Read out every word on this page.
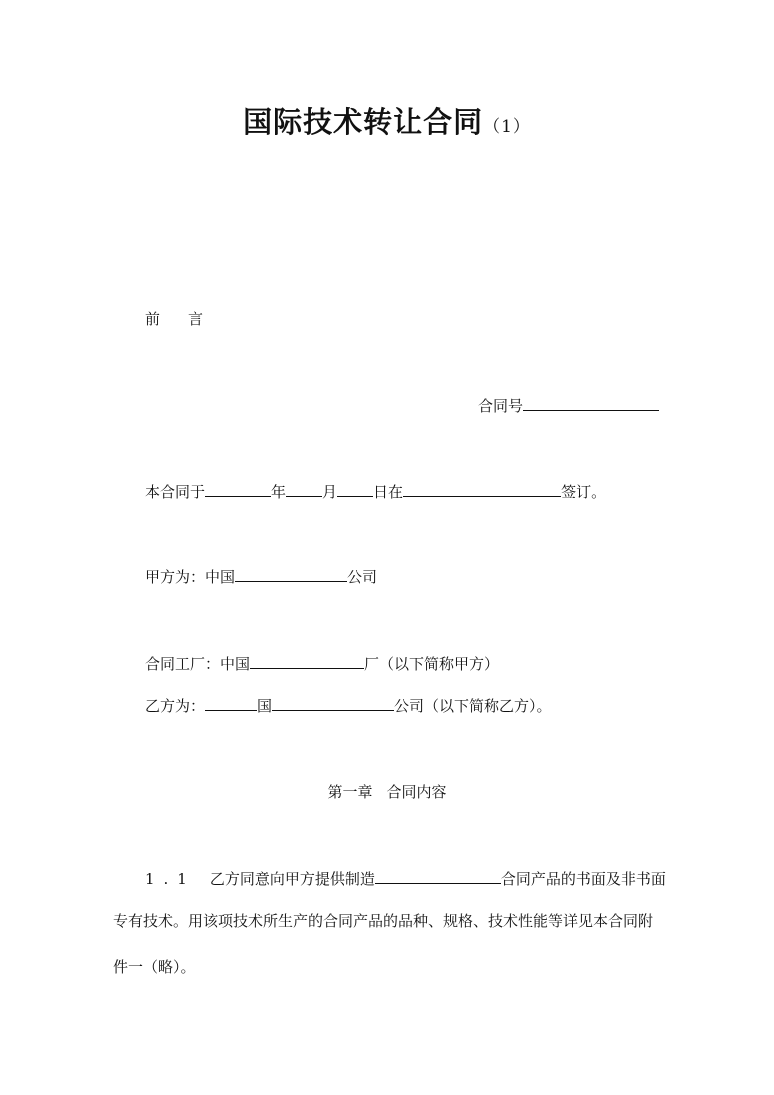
国际技术转让合同（1）
前言
合同号
本合同于	年 月 日在	签订。
甲方为：中国	公司
合同工厂：中国	厂（以下简称甲方）
乙方为：	国	公司（以下简称乙方）。
第一章 合同内容
1.1 乙方同意向甲方提供制造	合同产品的书面及非书面
专有技术。用该项技术所生产的合同产品的品种、规格、技术性能等详见本合同附
件一（略）。
